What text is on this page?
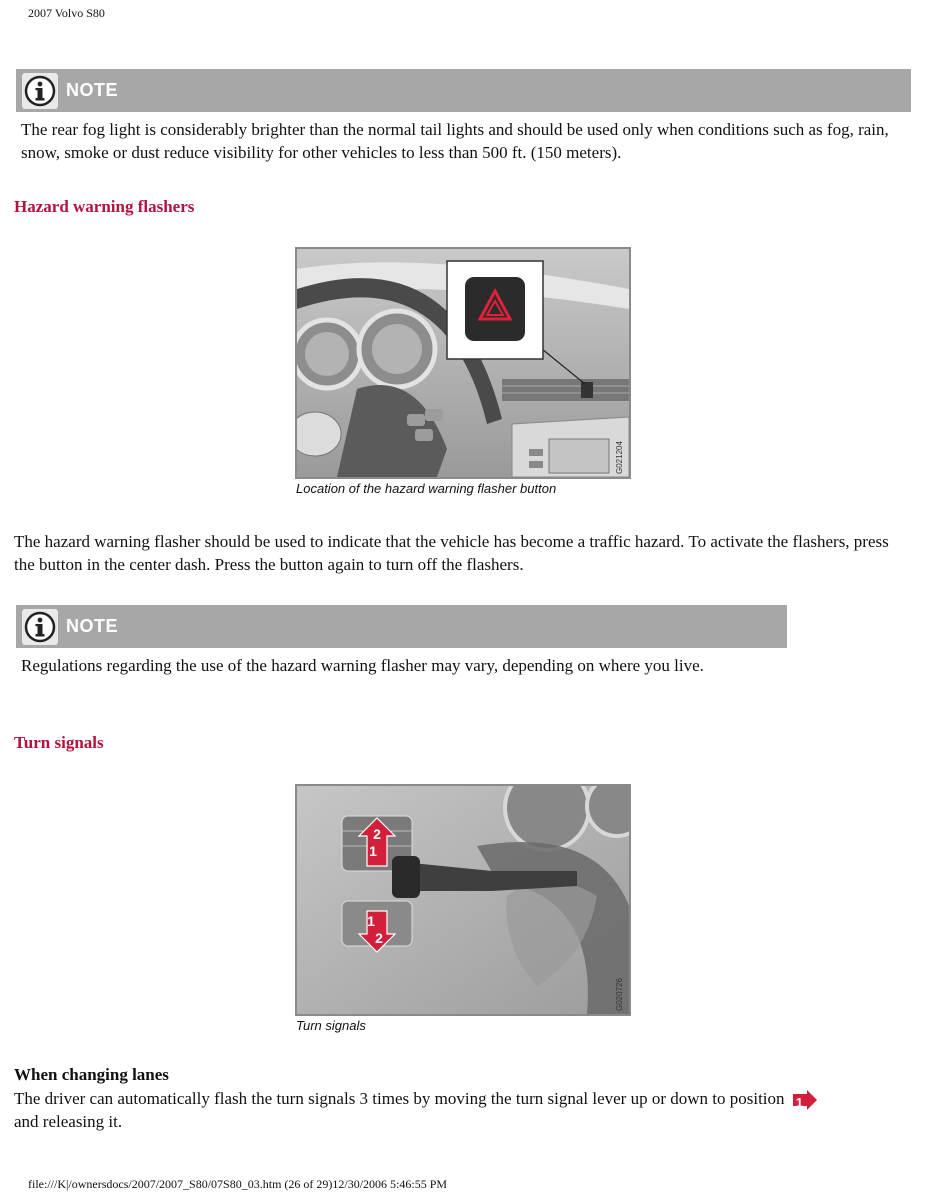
2007 Volvo S80
NOTE
The rear fog light is considerably brighter than the normal tail lights and should be used only when conditions such as fog, rain, snow, smoke or dust reduce visibility for other vehicles to less than 500 ft. (150 meters).
Hazard warning flashers
G021204
Location of the hazard warning flasher button
The hazard warning flasher should be used to indicate that the vehicle has become a traffic hazard. To activate the flashers, press the button in the center dash. Press the button again to turn off the flashers.
NOTE
Regulations regarding the use of the hazard warning flasher may vary, depending on where you live.
Turn signals
2
1
1
2
G020726
Turn signals
When changing lanes
The driver can automatically flash the turn signals 3 times by moving the turn signal lever up or down to position 1

and releasing it.
file:///K|/ownersdocs/2007/2007_S80/07S80_03.htm (26 of 29)12/30/2006 5:46:55 PM
